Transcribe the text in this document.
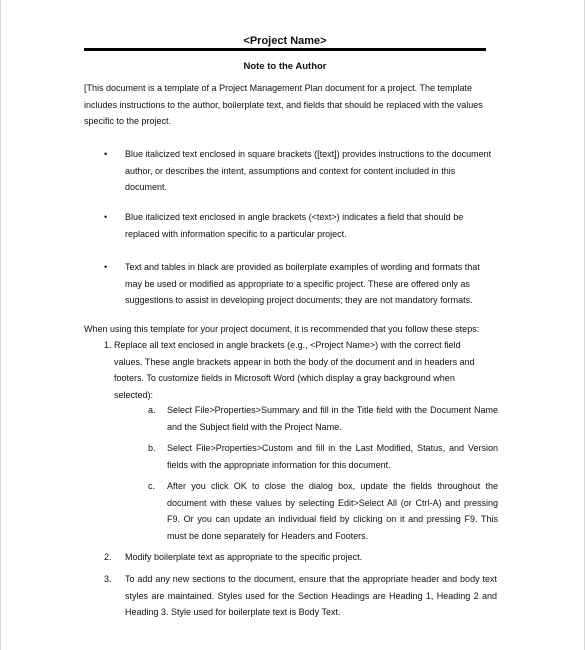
<Project Name>
Note to the Author

[This document is a template of a Project Management Plan document for a project. The template includes instructions to the author, boilerplate text, and fields that should be replaced with the values specific to the project.

• Blue italicized text enclosed in square brackets ([text]) provides instructions to the document author, or describes the intent, assumptions and context for content included in this document.

• Blue italicized text enclosed in angle brackets (<text>) indicates a field that should be replaced with information specific to a particular project.

• Text and tables in black are provided as boilerplate examples of wording and formats that may be used or modified as appropriate to a specific project. These are offered only as suggestions to assist in developing project documents; they are not mandatory formats.

When using this template for your project document, it is recommended that you follow these steps:

1. Replace all text enclosed in angle brackets (e.g., <Project Name>) with the correct field values. These angle brackets appear in both the body of the document and in headers and footers. To customize fields in Microsoft Word (which display a gray background when selected):

a. Select File>Properties>Summary and fill in the Title field with the Document Name and the Subject field with the Project Name.

b. Select File>Properties>Custom and fill in the Last Modified, Status, and Version fields with the appropriate information for this document.

c. After you click OK to close the dialog box, update the fields throughout the document with these values by selecting Edit>Select All (or Ctrl-A) and pressing F9. Or you can update an individual field by clicking on it and pressing F9. This must be done separately for Headers and Footers.

2. Modify boilerplate text as appropriate to the specific project.

3. To add any new sections to the document, ensure that the appropriate header and body text styles are maintained. Styles used for the Section Headings are Heading 1, Heading 2 and Heading 3. Style used for boilerplate text is Body Text.
